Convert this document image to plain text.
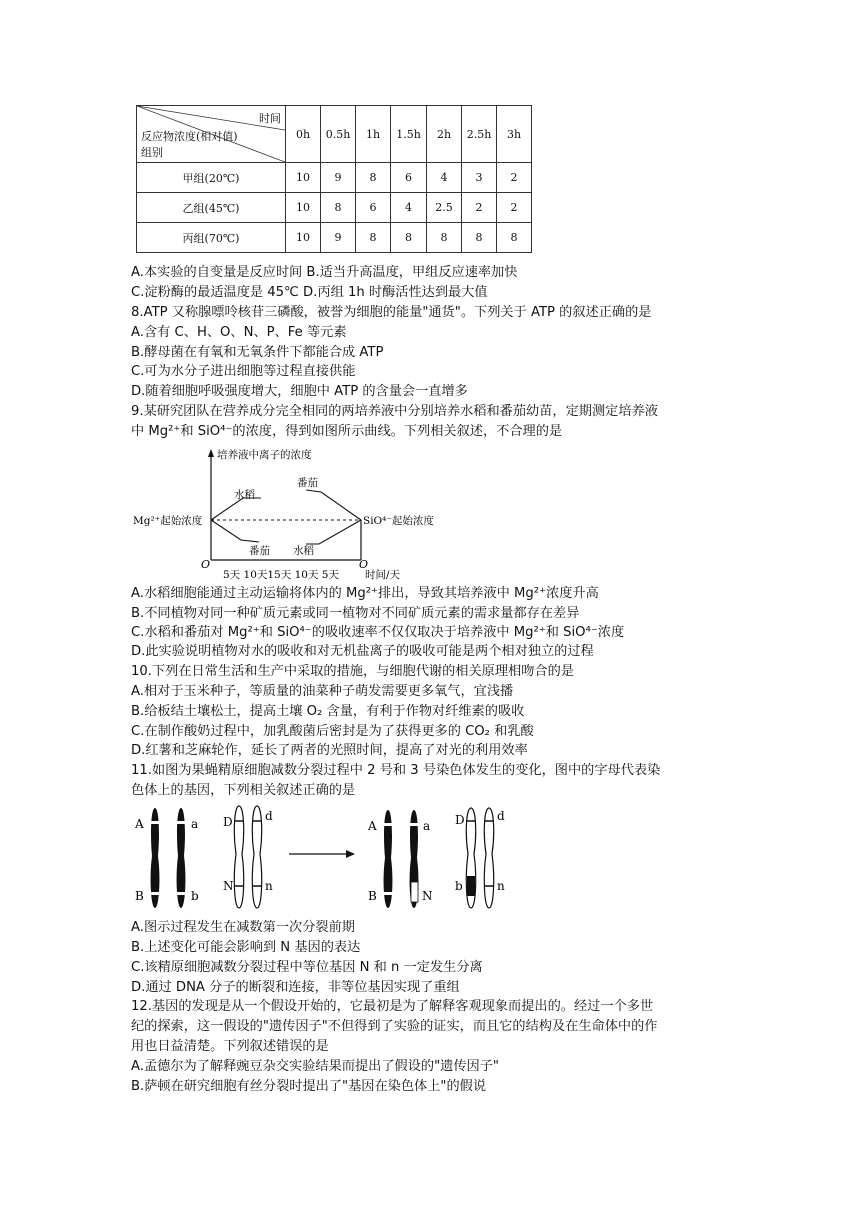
时间
反应物浓度(相对值)
组别	0h	0.5h	1h	1.5h	2h	2.5h	3h
甲组(20℃)	10	9	8	6	4	3	2
乙组(45℃)	10	8	6	4	2.5	2	2
丙组(70℃)	10	9	8	8	8	8	8
A.本实验的自变量是反应时间 B.适当升高温度，甲组反应速率加快
C.淀粉酶的最适温度是 45℃ D.丙组 1h 时酶活性达到最大值
8.ATP 又称腺嘌呤核苷三磷酸，被誉为细胞的能量"通货"。下列关于 ATP 的叙述正确的是
A.含有 C、H、O、N、P、Fe 等元素
B.酵母菌在有氧和无氧条件下都能合成 ATP
C.可为水分子进出细胞等过程直接供能
D.随着细胞呼吸强度增大，细胞中 ATP 的含量会一直增多
9.某研究团队在营养成分完全相同的两培养液中分别培养水稻和番茄幼苗，定期测定培养液
中 Mg²⁺和 SiO⁴⁻的浓度，得到如图所示曲线。下列相关叙述，不合理的是
培养液中离子的浓度
Mg²⁺起始浓度	SiO⁴⁻起始浓度
水稻
番茄
番茄 水稻
O	O
5天 10天15天 10天 5天 时间/天
A.水稻细胞能通过主动运输将体内的 Mg²⁺排出，导致其培养液中 Mg²⁺浓度升高
B.不同植物对同一种矿质元素或同一植物对不同矿质元素的需求量都存在差异
C.水稻和番茄对 Mg²⁺和 SiO⁴⁻的吸收速率不仅仅取决于培养液中 Mg²⁺和 SiO⁴⁻浓度
D.此实验说明植物对水的吸收和对无机盐离子的吸收可能是两个相对独立的过程
10.下列在日常生活和生产中采取的措施，与细胞代谢的相关原理相吻合的是
A.相对于玉米种子，等质量的油菜种子萌发需要更多氧气，宜浅播
B.给板结土壤松土，提高土壤 O₂ 含量，有利于作物对纤维素的吸收
C.在制作酸奶过程中，加乳酸菌后密封是为了获得更多的 CO₂ 和乳酸
D.红薯和芝麻轮作，延长了两者的光照时间，提高了对光的利用效率
11.如图为果蝇精原细胞减数分裂过程中 2 号和 3 号染色体发生的变化，图中的字母代表染
色体上的基因，下列相关叙述正确的是
A	a
B	b
D	d
N	n
A	a
B	N
D	d
b	n
A.图示过程发生在减数第一次分裂前期
B.上述变化可能会影响到 N 基因的表达
C.该精原细胞减数分裂过程中等位基因 N 和 n 一定发生分离
D.通过 DNA 分子的断裂和连接，非等位基因实现了重组
12.基因的发现是从一个假设开始的，它最初是为了解释客观现象而提出的。经过一个多世
纪的探索，这一假设的"遗传因子"不但得到了实验的证实，而且它的结构及在生命体中的作
用也日益清楚。下列叙述错误的是
A.孟德尔为了解释豌豆杂交实验结果而提出了假设的"遗传因子"
B.萨顿在研究细胞有丝分裂时提出了"基因在染色体上"的假说
